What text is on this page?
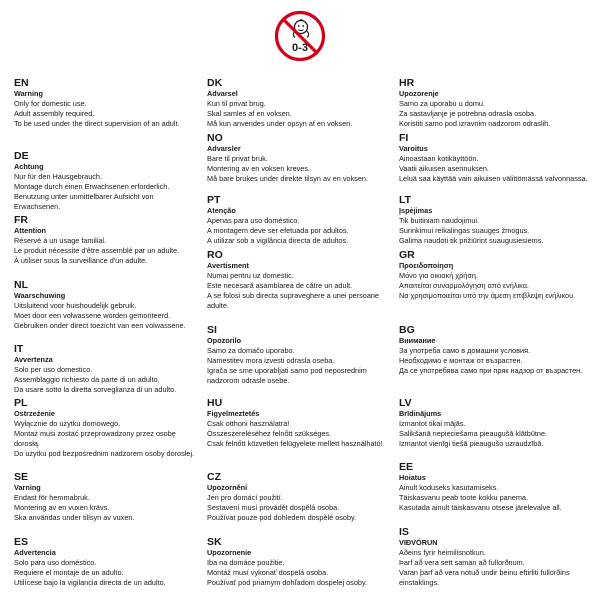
0-3
EN
Warning
Only for domestic use.
Adult assembly required.
To be used under the direct supervision of an adult.
DE
Achtung
Nur für den Hausgebrauch.
Montage durch einen Erwachsenen erforderlich.
Benutzung unter unmittelbarer Aufsicht von Erwachsenen.
FR
Attention
Réservé à un usage familial.
Le produit nécessite d'être assemblé par un adulte.
À utiliser sous la surveillance d'un adulte.
NL
Waarschuwing
Uitsluitend voor huishoudelijk gebruik.
Moet door een volwassene worden gemonteerd.
Gebruiken onder direct toezicht van een volwassene.
IT
Avvertenza
Solo per uso domestico.
Assemblaggio richiesto da parte di un adulto.
Da usare sotto la diretta sorveglianza di un adulto.
PL
Ostrzeżenie
Wyłącznie do użytku domowego.
Montaż musi zostać przeprowadzony przez osobę dorosłą.
Do użytku pod bezpośrednim nadzorem osoby dorosłej.
SE
Varning
Endast för hemmabruk.
Montering av en vuxen krävs.
Ska användas under tillsyn av vuxen.
ES
Advertencia
Solo para uso doméstico.
Requiere el montaje de un adulto.
Utilícese bajo la vigilancia directa de un adulto.
DK
Advarsel
Kun til privat brug.
Skal samles af en voksen.
Må kun anvendes under opsyn af en voksen.
NO
Advarsler
Bare til privat bruk.
Montering av en voksen kreves.
Må bare brukes under direkte tilsyn av en voksen.
PT
Atenção
Apenas para uso doméstico.
A montagem deve ser efetuada por adultos.
A utilizar sob a vigilância directa de adultos.
RO
Avertisment
Numai pentru uz domestic.
Este necesară asamblarea de către un adult.
A se folosi sub directa supraveghere a unei persoane adulte.
SI
Opozorilo
Samo za domačo uporabo.
Namestitev mora izvesti odrasla oseba.
Igrača se sme uporabljati samo pod neposrednim nadzorom odrasle osebe.
HU
Figyelmeztetés
Csak otthoni használatra!
Összeszereléséhez felnőtt szükséges.
Csak felnőtt közvetlen felügyelete mellett használható!
CZ
Upozornění
Jen pro domácí použití.
Sestavení musí provádět dospělá osoba.
Používat pouze pod dohledem dospělé osoby.
SK
Upozornenie
Iba na domáce použitie.
Montáž musí vykonať dospelá osoba.
Používať pod priamym dohľadom dospelej osoby.
HR
Upozorenje
Samo za uporabu u domu.
Za sastavljanje je potrebna odrasla osoba.
Koristiti samo pod izravnim nadzorom odraslih.
FI
Varoitus
Ainoastaan kotikäyttöön.
Vaatii aikuisen asennuksen.
Leluä saa käyttää vain aikuisen välittömässä valvonnassa.
LT
Įspėjimas
Tik buitiniam naudojimui.
Surinkimui reikalingas suaugęs žmogus.
Galima naudoti tik prižiūrint suaugusiesiems.
GR
Προειδοποίηση
Μόνο για οικιακή χρήση.
Απαιτείται συναρμολόγηση από ενήλικα.
Να χρησιμοποιείται υπό την άμεση επίβλεψη ενήλικου.
BG
Внимание
За употреба само в домашни условия.
Необходимо е монтаж от възрастен.
Да се употребява само при пряк надзор от възрастен.
LV
Brīdinājums
Izmantot tikai mājās.
Salikšanā nepieciešama pieaugušā klātbūtne.
Izmantot vienīgi tiešā pieaugušo uzraudzībā.
EE
Hoiatus
Ainult koduseks kasutamiseks.
Täiskasvanu peab toote kokku panema.
Kasutada ainult täiskasvanu otsese järelevalve all.
IS
VIÐVÖRUN
Aðeins fyrir heimilisnotkun.
Þarf að vera sett saman að fullorðnum.
Varan þarf að vera notuð undir beinu eftirliti fullorðins einstaklings.
